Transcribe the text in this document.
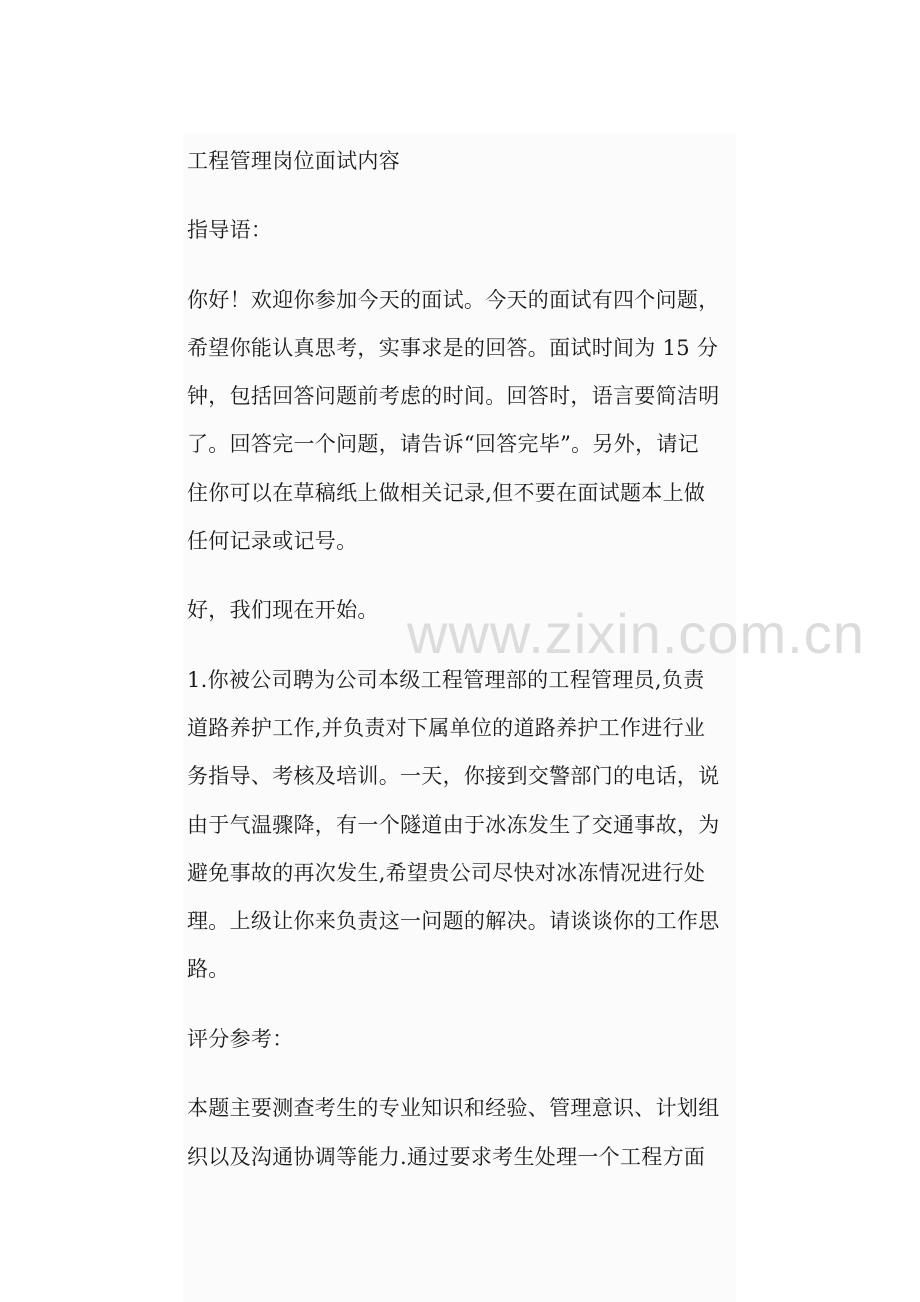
工程管理岗位面试内容
指导语：
你好！欢迎你参加今天的面试。今天的面试有四个问题，
希望你能认真思考，实事求是的回答。面试时间为 15 分
钟，包括回答问题前考虑的时间。回答时，语言要简洁明
了。回答完一个问题，请告诉“回答完毕”。另外，请记
住你可以在草稿纸上做相关记录,但不要在面试题本上做
任何记录或记号。
好，我们现在开始。
1.你被公司聘为公司本级工程管理部的工程管理员,负责
道路养护工作,并负责对下属单位的道路养护工作进行业
务指导、考核及培训。一天，你接到交警部门的电话，说
由于气温骤降，有一个隧道由于冰冻发生了交通事故，为
避免事故的再次发生,希望贵公司尽快对冰冻情况进行处
理。上级让你来负责这一问题的解决。请谈谈你的工作思
路。
评分参考：
本题主要测查考生的专业知识和经验、管理意识、计划组
织以及沟通协调等能力.通过要求考生处理一个工程方面
www.zixin.com.cn
